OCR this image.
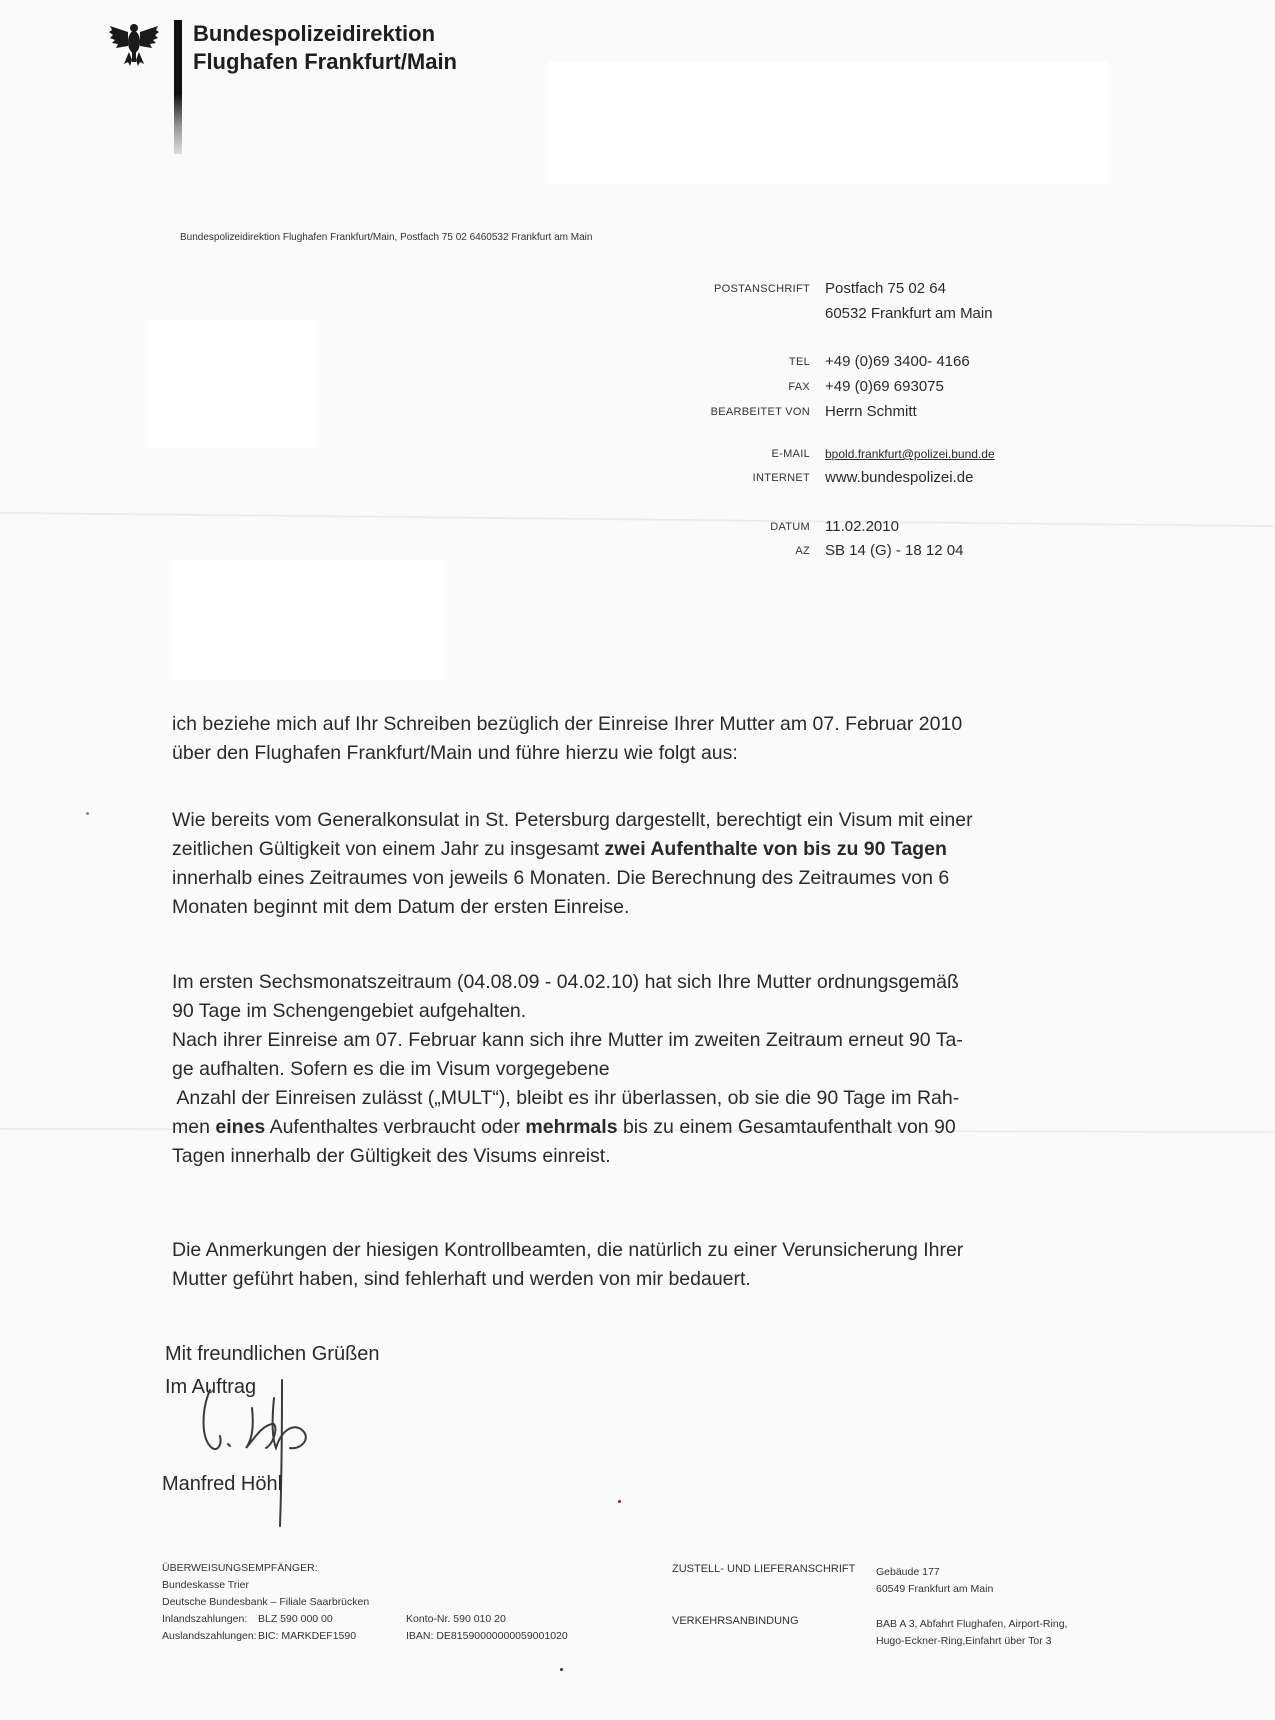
Bundespolizeidirektion
Flughafen Frankfurt/Main
Bundespolizeidirektion Flughafen Frankfurt/Main, Postfach 75 02 6460532 Frankfurt am Main
POSTANSCHRIFT Postfach 75 02 64
60532 Frankfurt am Main
TEL +49 (0)69 3400- 4166
FAX +49 (0)69 693075
BEARBEITET VON Herrn Schmitt
E-MAIL bpold.frankfurt@polizei.bund.de
INTERNET www.bundespolizei.de
DATUM 11.02.2010
AZ SB 14 (G) - 18 12 04

ich beziehe mich auf Ihr Schreiben bezüglich der Einreise Ihrer Mutter am 07. Februar 2010

über den Flughafen Frankfurt/Main und führe hierzu wie folgt aus:

Wie bereits vom Generalkonsulat in St. Petersburg dargestellt, berechtigt ein Visum mit einer

zeitlichen Gültigkeit von einem Jahr zu insgesamt zwei Aufenthalte von bis zu 90 Tagen

innerhalb eines Zeitraumes von jeweils 6 Monaten. Die Berechnung des Zeitraumes von 6

Monaten beginnt mit dem Datum der ersten Einreise.

Im ersten Sechsmonatszeitraum (04.08.09 - 04.02.10) hat sich Ihre Mutter ordnungsgemäß

90 Tage im Schengengebiet aufgehalten.

Nach ihrer Einreise am 07. Februar kann sich ihre Mutter im zweiten Zeitraum erneut 90 Ta-

ge aufhalten. Sofern es die im Visum vorgegebene

Anzahl der Einreisen zulässt („MULT“), bleibt es ihr überlassen, ob sie die 90 Tage im Rah-

men eines Aufenthaltes verbraucht oder mehrmals bis zu einem Gesamtaufenthalt von 90

Tagen innerhalb der Gültigkeit des Visums einreist.

Die Anmerkungen der hiesigen Kontrollbeamten, die natürlich zu einer Verunsicherung Ihrer

Mutter geführt haben, sind fehlerhaft und werden von mir bedauert.

Mit freundlichen Grüßen
Im Auftrag
Manfred Höhl
ÜBERWEISUNGSEMPFÄNGER:
Bundeskasse Trier
Deutsche Bundesbank – Filiale Saarbrücken
Inlandszahlungen: BLZ 590 000 00	Konto-Nr. 590 010 20
Auslandszahlungen: BIC: MARKDEF1590	IBAN: DE81590000000059001020
ZUSTELL- UND LIEFERANSCHRIFT Gebäude 177
60549 Frankfurt am Main
VERKEHRSANBINDUNG	BAB A 3, Abfahrt Flughafen, Airport-Ring,
Hugo-Eckner-Ring,Einfahrt über Tor 3
